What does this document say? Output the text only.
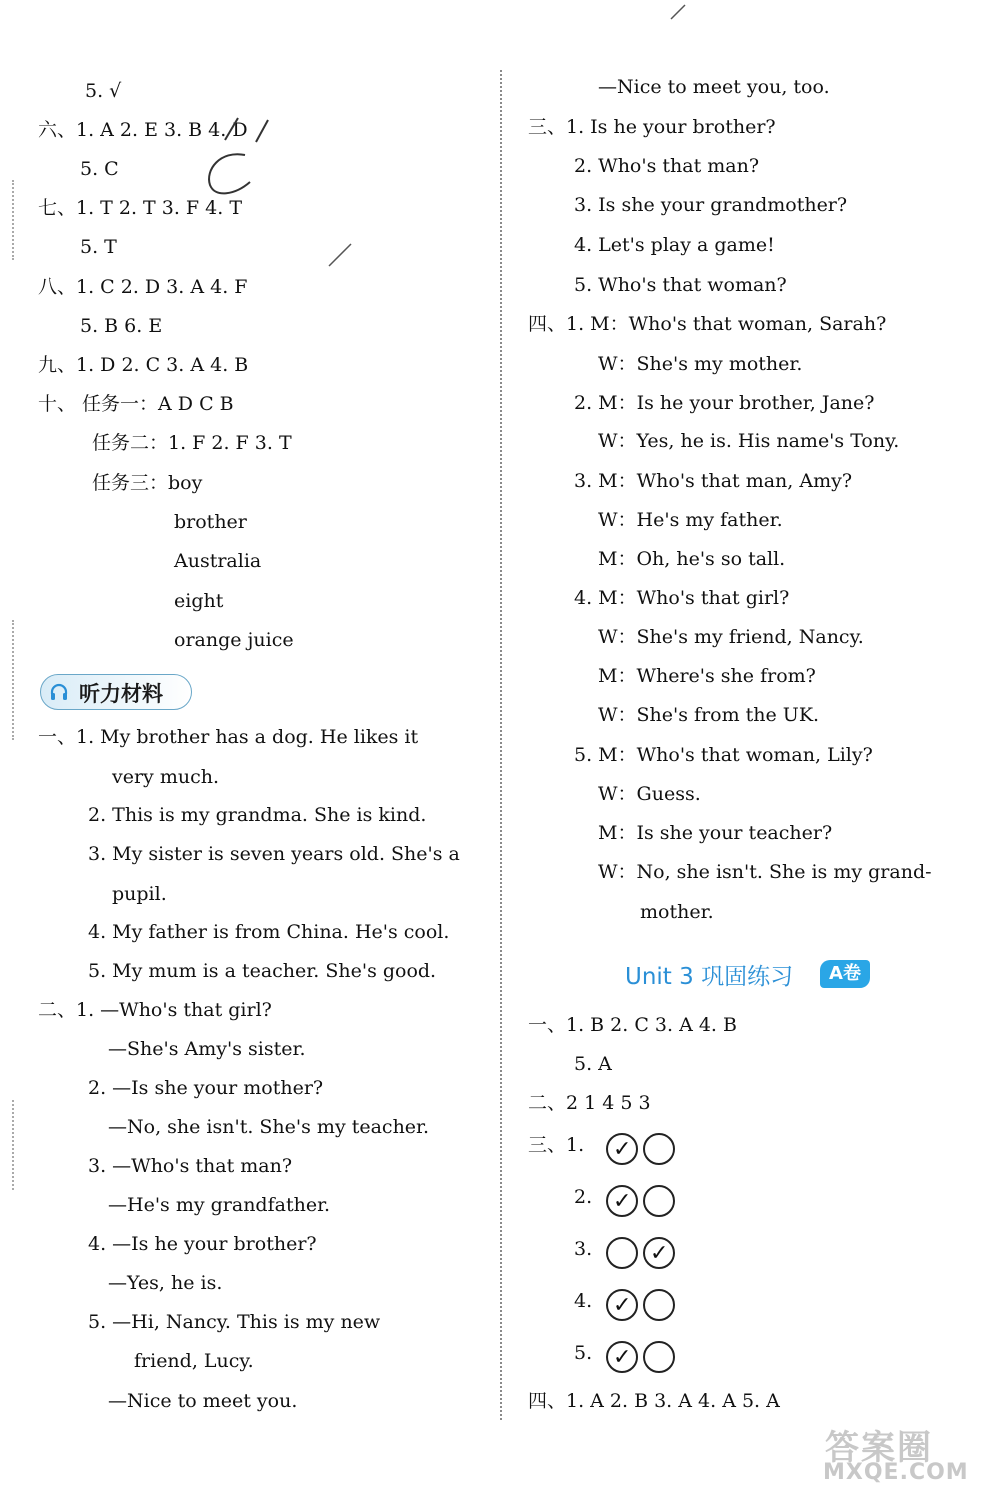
5. √
六、1. A 2. E 3. B 4. D
5. C
七、1. T 2. T 3. F 4. T
5. T
八、1. C 2. D 3. A 4. F
5. B 6. E
九、1. D 2. C 3. A 4. B
十、 任务一：A D C B
任务二：1. F 2. F 3. T
任务三：boy
brother
Australia
eight
orange juice
一、1. My brother has a dog. He likes it
very much.
2. This is my grandma. She is kind.
3. My sister is seven years old. She's a
pupil.
4. My father is from China. He's cool.
5. My mum is a teacher. She's good.
二、1. —Who's that girl?
—She's Amy's sister.
2. —Is she your mother?
—No, she isn't. She's my teacher.
3. —Who's that man?
—He's my grandfather.
4. —Is he your brother?
—Yes, he is.
5. —Hi, Nancy. This is my new
friend, Lucy.
—Nice to meet you.
听力材料
—Nice to meet you, too.
三、1. Is he your brother?
2. Who's that man?
3. Is she your grandmother?
4. Let's play a game!
5. Who's that woman?
四、1. M：Who's that woman, Sarah?
W：She's my mother.
2. M：Is he your brother, Jane?
W：Yes, he is. His name's Tony.
3. M：Who's that man, Amy?
W：He's my father.
M：Oh, he's so tall.
4. M：Who's that girl?
W：She's my friend, Nancy.
M：Where's she from?
W：She's from the UK.
5. M：Who's that woman, Lily?
W：Guess.
M：Is she your teacher?
W：No, she isn't. She is my grand-
mother.
一、1. B 2. C 3. A 4. B
5. A
二、2 1 4 5 3
三、1.
2.
3.
4.
5.
四、1. A 2. B 3. A 4. A 5. A
Unit 3 巩固练习	A卷
✓
✓
✓
✓
✓
答案圈
MXQE.COM
